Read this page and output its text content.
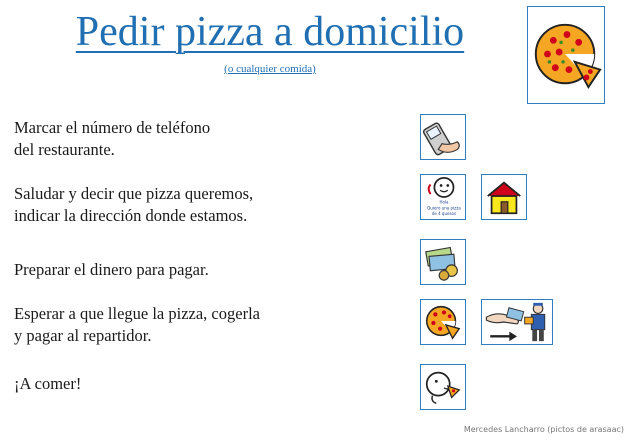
Pedir pizza a domicilio
(o cualquier comida)
Marcar el número de teléfono
del restaurante.
Saludar y decir que pizza queremos,
indicar la dirección donde estamos.
Hola
Quiero una pizza
de 4 quesos
Preparar el dinero para pagar.
Esperar a que llegue la pizza, cogerla
y pagar al repartidor.
¡A comer!
Mercedes Lancharro (pictos de arasaac)
